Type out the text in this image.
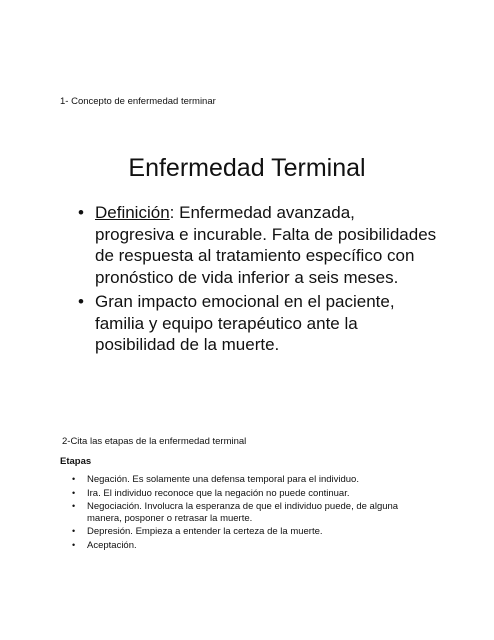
1- Concepto de enfermedad terminar
Enfermedad Terminal
• Definición: Enfermedad avanzada, progresiva e incurable. Falta de posibilidades de respuesta al tratamiento específico con pronóstico de vida inferior a seis meses.
• Gran impacto emocional en el paciente, familia y equipo terapéutico ante la posibilidad de la muerte.
2-Cita las etapas de la enfermedad terminal
Etapas
• Negación. Es solamente una defensa temporal para el individuo.
• Ira. El individuo reconoce que la negación no puede continuar.
• Negociación. Involucra la esperanza de que el individuo puede, de alguna manera, posponer o retrasar la muerte.
• Depresión. Empieza a entender la certeza de la muerte.
• Aceptación.
